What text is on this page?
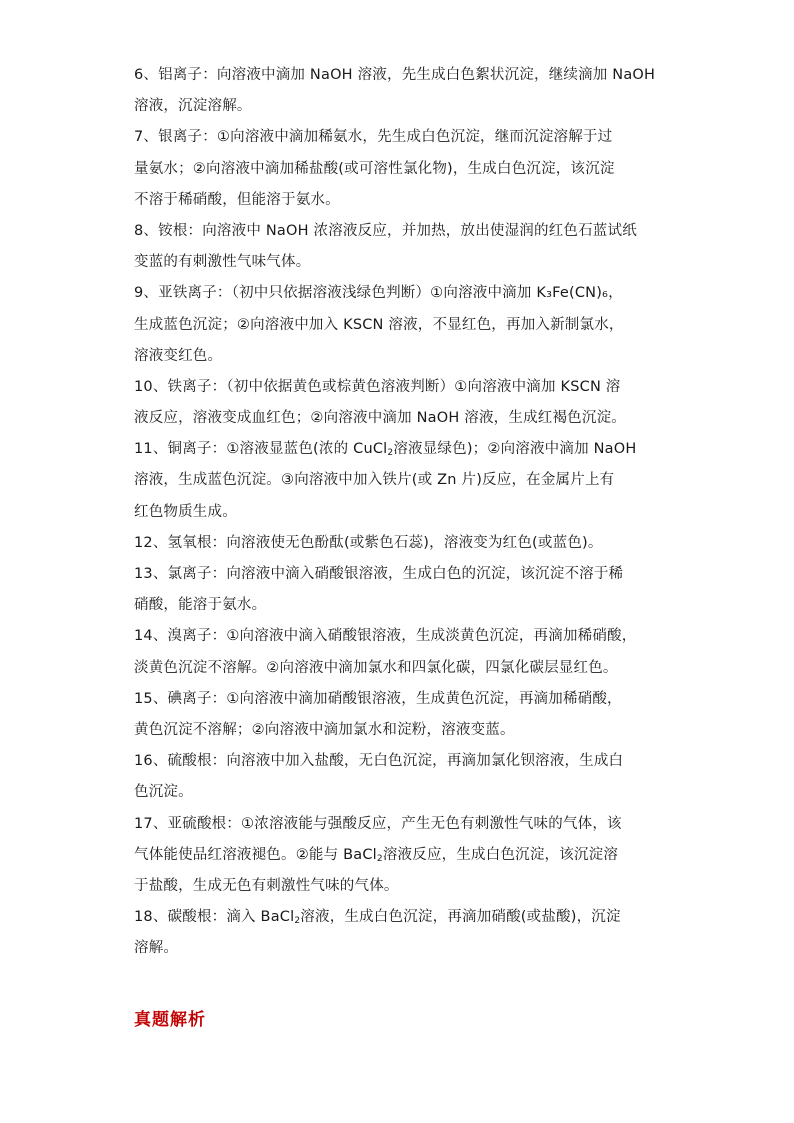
6、铝离子：向溶液中滴加 NaOH 溶液，先生成白色絮状沉淀，继续滴加 NaOH
溶液，沉淀溶解。
7、银离子：①向溶液中滴加稀氨水，先生成白色沉淀，继而沉淀溶解于过
量氨水；②向溶液中滴加稀盐酸(或可溶性氯化物)，生成白色沉淀，该沉淀
不溶于稀硝酸，但能溶于氨水。
8、铵根：向溶液中 NaOH 浓溶液反应，并加热，放出使湿润的红色石蓝试纸
变蓝的有刺激性气味气体。
9、亚铁离子：（初中只依据溶液浅绿色判断）①向溶液中滴加 K₃Fe(CN)₆，
生成蓝色沉淀；②向溶液中加入 KSCN 溶液，不显红色，再加入新制氯水，
溶液变红色。
10、铁离子：（初中依据黄色或棕黄色溶液判断）①向溶液中滴加 KSCN 溶
液反应，溶液变成血红色；②向溶液中滴加 NaOH 溶液，生成红褐色沉淀。
11、铜离子：①溶液显蓝色(浓的 CuCl$_2$溶液显绿色)；②向溶液中滴加 NaOH
溶液，生成蓝色沉淀。③向溶液中加入铁片(或 Zn 片)反应，在金属片上有
红色物质生成。
12、氢氧根：向溶液使无色酚酞(或紫色石蕊)，溶液变为红色(或蓝色)。
13、氯离子：向溶液中滴入硝酸银溶液，生成白色的沉淀，该沉淀不溶于稀
硝酸，能溶于氨水。
14、溴离子：①向溶液中滴入硝酸银溶液，生成淡黄色沉淀，再滴加稀硝酸，
淡黄色沉淀不溶解。②向溶液中滴加氯水和四氯化碳，四氯化碳层显红色。
15、碘离子：①向溶液中滴加硝酸银溶液，生成黄色沉淀，再滴加稀硝酸，
黄色沉淀不溶解；②向溶液中滴加氯水和淀粉，溶液变蓝。
16、硫酸根：向溶液中加入盐酸，无白色沉淀，再滴加氯化钡溶液，生成白
色沉淀。
17、亚硫酸根：①浓溶液能与强酸反应，产生无色有刺激性气味的气体，该
气体能使品红溶液褪色。②能与 BaCl$_2$溶液反应，生成白色沉淀，该沉淀溶
于盐酸，生成无色有刺激性气味的气体。
18、碳酸根：滴入 BaCl$_2$溶液，生成白色沉淀，再滴加硝酸(或盐酸)，沉淀
溶解。
真题解析
